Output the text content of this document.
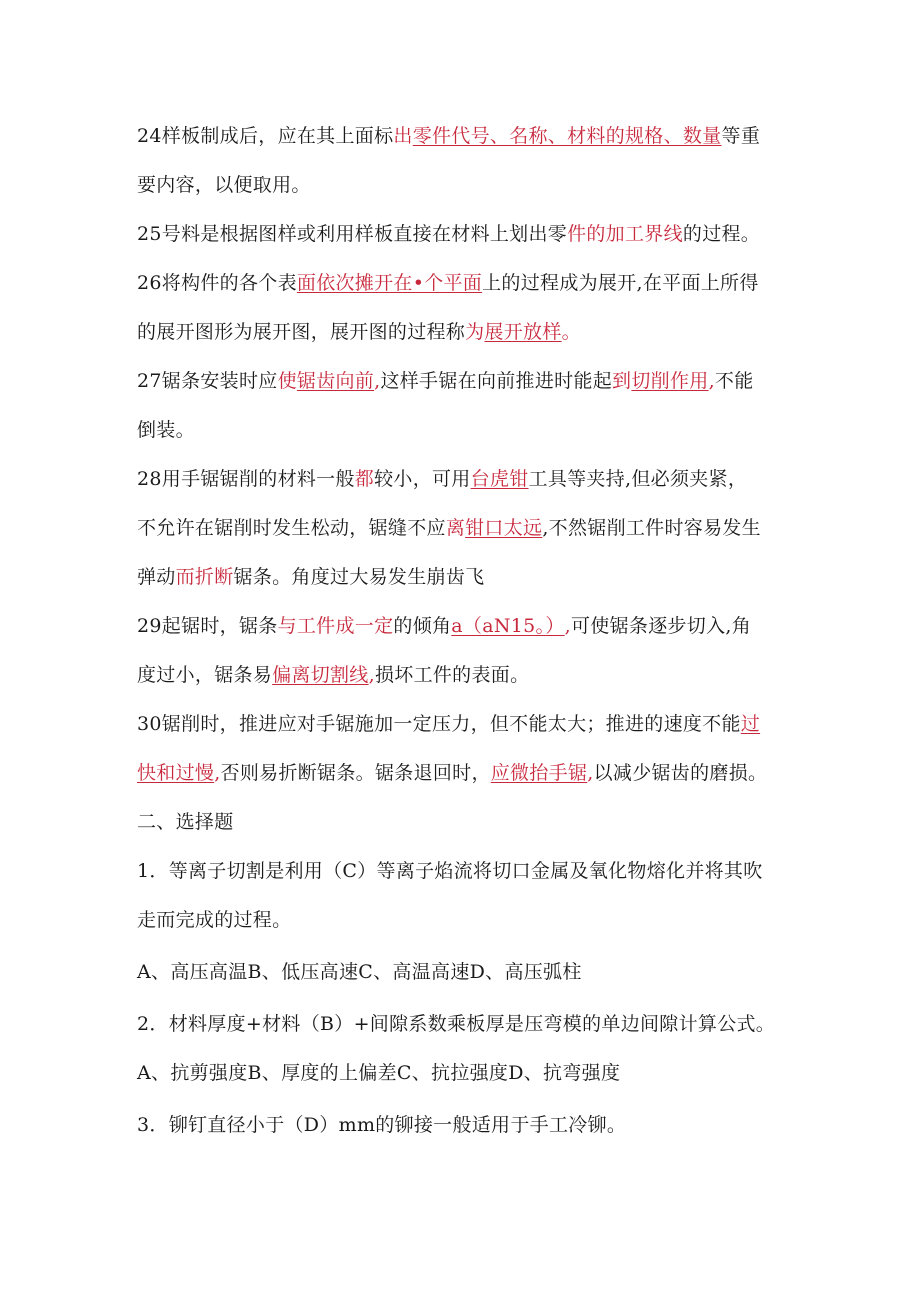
24样板制成后，应在其上面标出零件代号、名称、材料的规格、数量等重
要内容，以便取用。
25号料是根据图样或利用样板直接在材料上划出零件的加工界线的过程。
26将构件的各个表面依次摊开在•个平面上的过程成为展开,在平面上所得
的展开图形为展开图，展开图的过程称为展开放样。
27锯条安装时应使锯齿向前,这样手锯在向前推进时能起到切削作用,不能
倒装。
28用手锯锯削的材料一般都较小，可用台虎钳工具等夹持,但必须夹紧，
不允许在锯削时发生松动，锯缝不应离钳口太远,不然锯削工件时容易发生
弹动而折断锯条。角度过大易发生崩齿飞
29起锯时，锯条与工件成一定的倾角a（aN15。）,可使锯条逐步切入,角
度过小，锯条易偏离切割线,损坏工件的表面。
30锯削时，推进应对手锯施加一定压力，但不能太大；推进的速度不能过
快和过慢,否则易折断锯条。锯条退回时，应微抬手锯,以减少锯齿的磨损。
二、选择题
1．等离子切割是利用（C）等离子焰流将切口金属及氧化物熔化并将其吹
走而完成的过程。
A、高压高温B、低压高速C、高温高速D、高压弧柱
2．材料厚度+材料（B）+间隙系数乘板厚是压弯模的单边间隙计算公式。
A、抗剪强度B、厚度的上偏差C、抗拉强度D、抗弯强度
3．铆钉直径小于（D）mm的铆接一般适用于手工冷铆。
